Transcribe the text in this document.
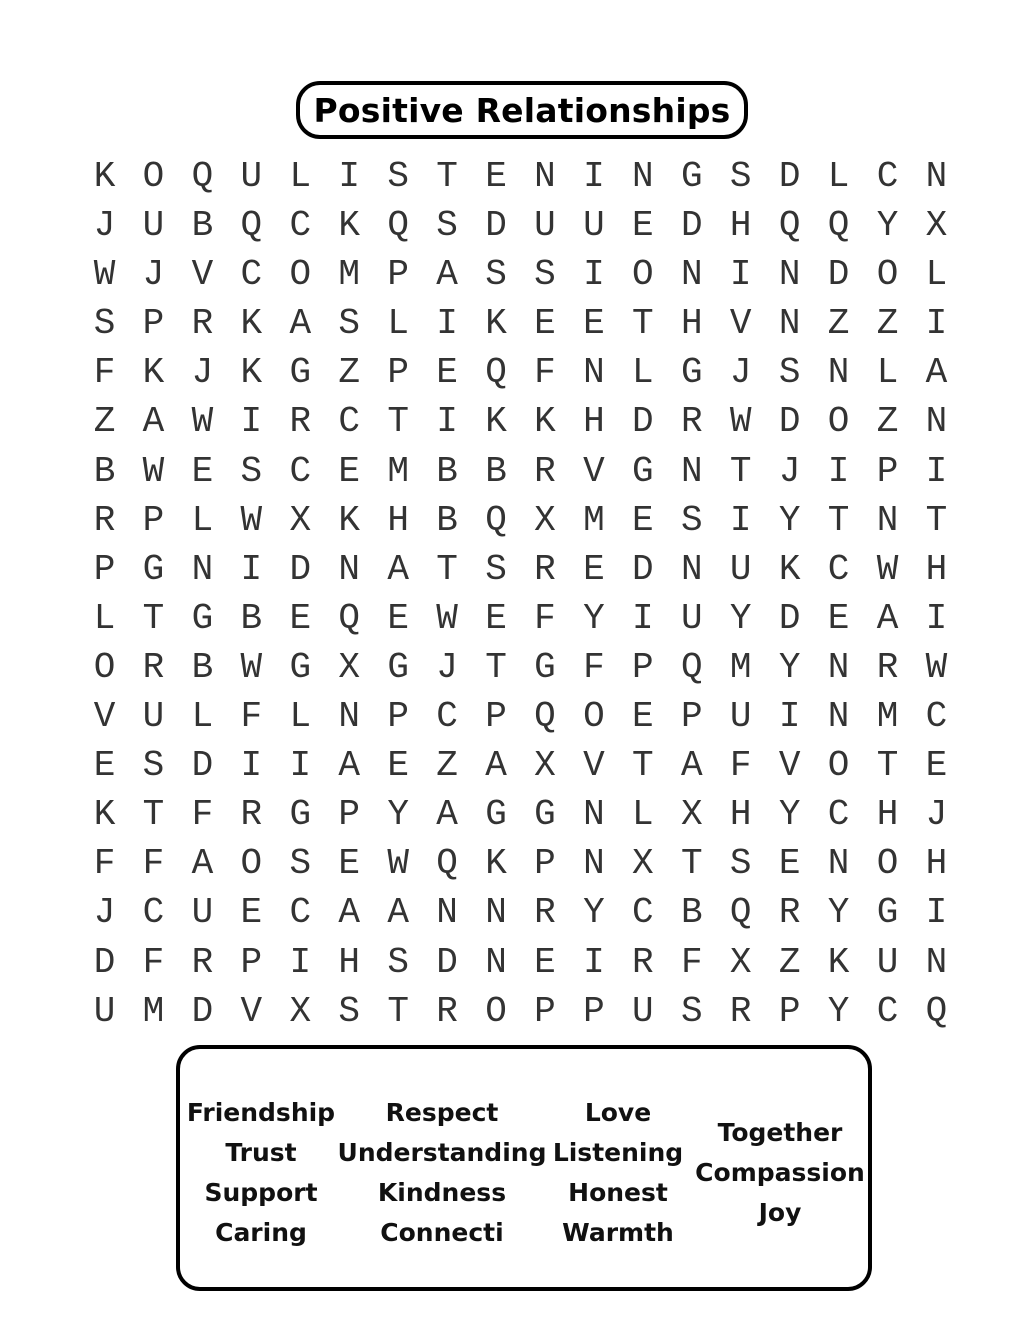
Positive Relationships
K O Q U L I S T E N I N G S D L C N
J U B Q C K Q S D U U E D H Q Q Y X
W J V C O M P A S S I O N I N D O L
S P R K A S L I K E E T H V N Z Z I
F K J K G Z P E Q F N L G J S N L A
Z A W I R C T I K K H D R W D O Z N
B W E S C E M B B R V G N T J I P I
R P L W X K H B Q X M E S I Y T N T
P G N I D N A T S R E D N U K C W H
L T G B E Q E W E F Y I U Y D E A I
O R B W G X G J T G F P Q M Y N R W
V U L F L N P C P Q O E P U I N M C
E S D I I A E Z A X V T A F V O T E
K T F R G P Y A G G N L X H Y C H J
F F A O S E W Q K P N X T S E N O H
J C U E C A A N N R Y C B Q R Y G I
D F R P I H S D N E I R F X Z K U N
U M D V X S T R O P P U S R P Y C Q
Friendship
Trust
Support
Caring
Respect
Understanding
Kindness
Connecti
Love
Listening
Honest
Warmth
Together
Compassion
Joy
